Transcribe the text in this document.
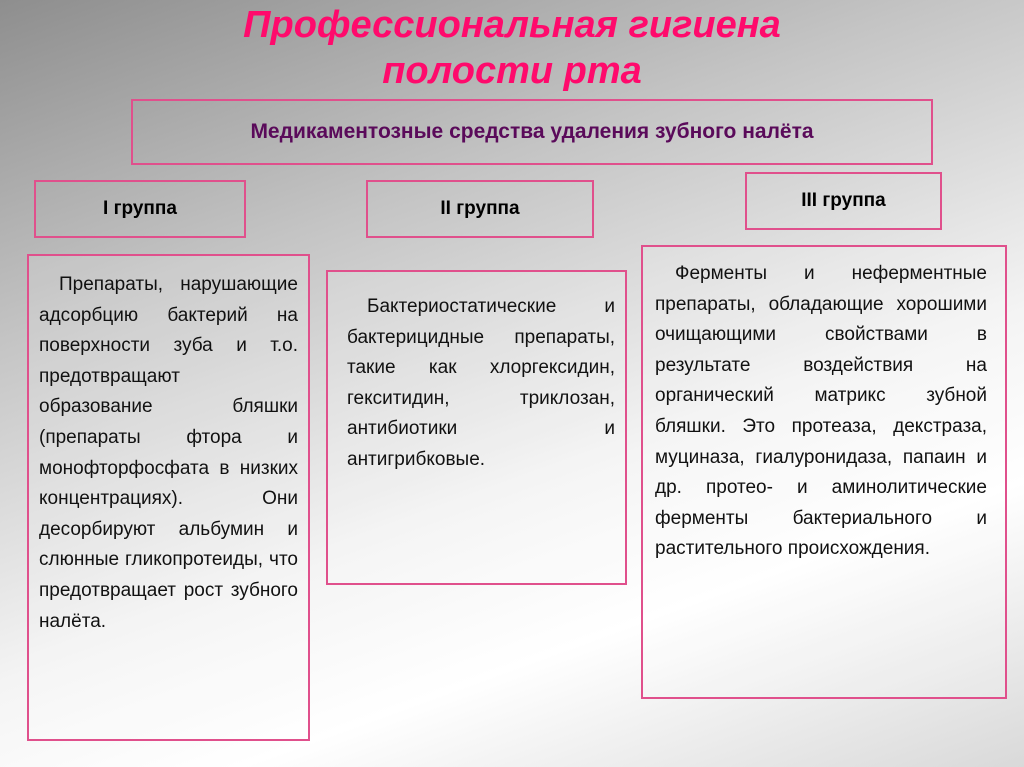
Профессиональная гигиена
полости рта
Медикаментозные средства удаления зубного налёта
I группа	II группа	III группа
Препараты, нарушающие адсорбцию бактерий на поверхности зуба и т.о. предотвращают образование бляшки (препараты фтора и монофторфосфата в низких концентрациях). Они десорбируют альбумин и слюнные гликопротеиды, что предотвращает рост зубного налёта.
Бактериостатические и бактерицидные препараты, такие как хлоргексидин, гекситидин, триклозан, антибиотики и антигрибковые.
Ферменты и неферментные препараты, обладающие хорошими очищающими свойствами в результате воздействия на органический матрикс зубной бляшки. Это протеаза, декстраза, муциназа, гиалуронидаза, папаин и др. протео- и аминолитические ферменты бактериального и растительного происхождения.
